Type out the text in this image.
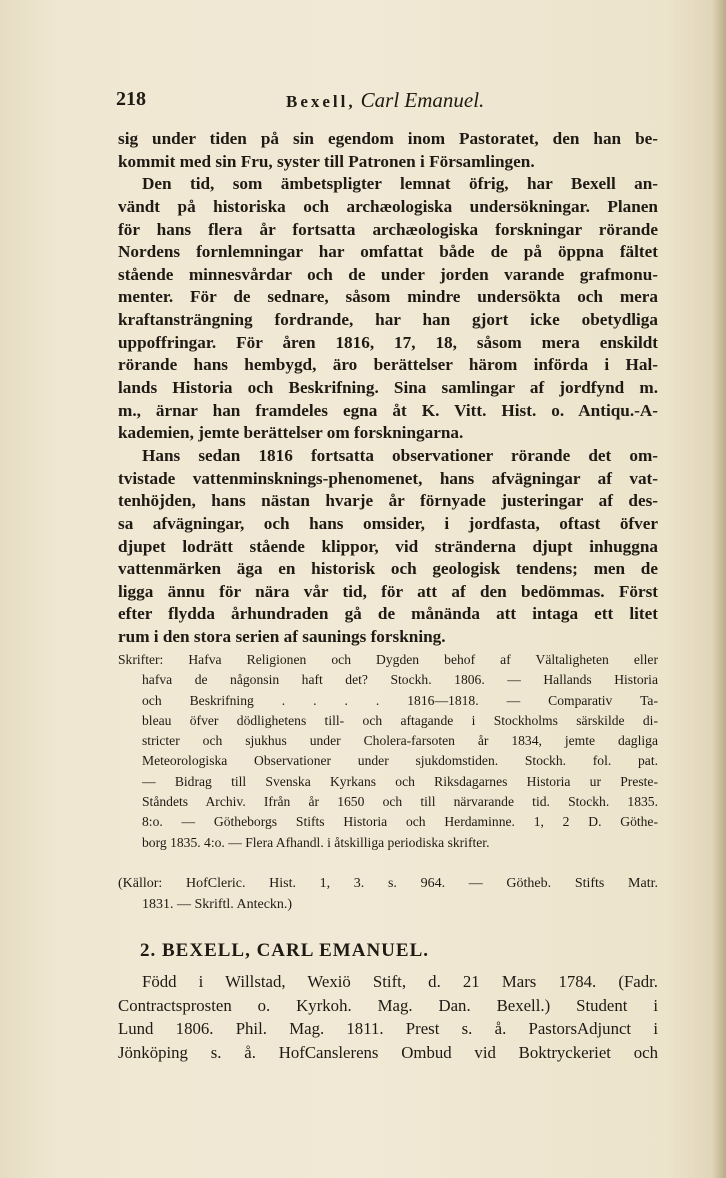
218	Bexell, Carl Emanuel.
sig under tiden på sin egendom inom Pastoratet, den han be-
kommit med sin Fru, syster till Patronen i Församlingen.
Den tid, som ämbetspligter lemnat öfrig, har Bexell an-
vändt på historiska och archæologiska undersökningar. Planen
för hans flera år fortsatta archæologiska forskningar rörande
Nordens fornlemningar har omfattat både de på öppna fältet
stående minnesvårdar och de under jorden varande grafmonu-
menter. För de sednare, såsom mindre undersökta och mera
kraftansträngning fordrande, har han gjort icke obetydliga
uppoffringar. För åren 1816, 17, 18, såsom mera enskildt
rörande hans hembygd, äro berättelser härom införda i Hal-
lands Historia och Beskrifning. Sina samlingar af jordfynd m.
m., ärnar han framdeles egna åt K. Vitt. Hist. o. Antiqu.-A-
kademien, jemte berättelser om forskningarna.
Hans sedan 1816 fortsatta observationer rörande det om-
tvistade vattenminsknings-phenomenet, hans afvägningar af vat-
tenhöjden, hans nästan hvarje år förnyade justeringar af des-
sa afvägningar, och hans omsider, i jordfasta, oftast öfver
djupet lodrätt stående klippor, vid stränderna djupt inhuggna
vattenmärken äga en historisk och geologisk tendens; men de
ligga ännu för nära vår tid, för att af den bedömmas. Först
efter flydda århundraden gå de månända att intaga ett litet
rum i den stora serien af saunings forskning.
Skrifter: Hafva Religionen och Dygden behof af Vältaligheten eller
hafva de någonsin haft det? Stockh. 1806. — Hallands Historia
och Beskrifning . . . . 1816—1818. — Comparativ Ta-
bleau öfver dödlighetens till- och aftagande i Stockholms särskilde di-
stricter och sjukhus under Cholera-farsoten år 1834, jemte dagliga
Meteorologiska Observationer under sjukdomstiden. Stockh. fol. pat.
— Bidrag till Svenska Kyrkans och Riksdagarnes Historia ur Preste-
Ståndets Archiv. Ifrån år 1650 och till närvarande tid. Stockh. 1835.
8:o. — Götheborgs Stifts Historia och Herdaminne. 1, 2 D. Göthe-
borg 1835. 4:o. — Flera Afhandl. i åtskilliga periodiska skrifter.
(Källor: HofCleric. Hist. 1, 3. s. 964. — Götheb. Stifts Matr.
1831. — Skriftl. Anteckn.)
2. BEXELL, CARL EMANUEL.
Född i Willstad, Wexiö Stift, d. 21 Mars 1784. (Fadr.
Contractsprosten o. Kyrkoh. Mag. Dan. Bexell.) Student i
Lund 1806. Phil. Mag. 1811. Prest s. å. PastorsAdjunct i
Jönköping s. å. HofCanslerens Ombud vid Boktryckeriet och
